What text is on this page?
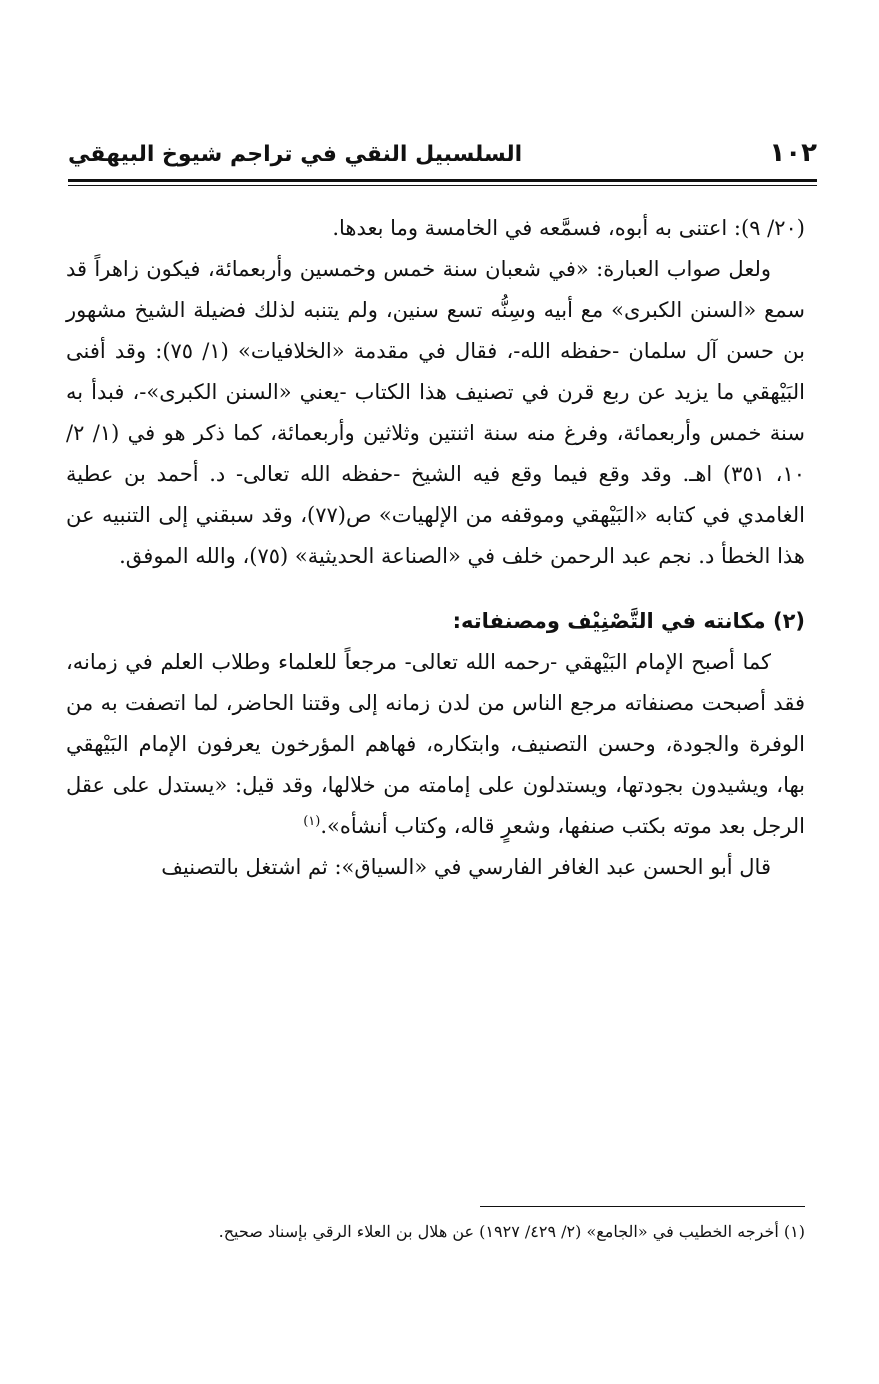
١٠٢
السلسبيل النقي في تراجم شيوخ البيهقي

(٢٠/ ٩): اعتنى به أبوه، فسمَّعه في الخامسة وما بعدها.

ولعل صواب العبارة: «في شعبان سنة خمس وخمسين وأربعمائة، فيكون زاهراً قد سمع «السنن الكبرى» مع أبيه وسِنُّه تسع سنين، ولم يتنبه لذلك فضيلة الشيخ مشهور بن حسن آل سلمان -حفظه الله-، فقال في مقدمة «الخلافيات» (١/ ٧٥): وقد أفنى البَيْهقي ما يزيد عن ربع قرن في تصنيف هذا الكتاب -يعني «السنن الكبرى»-، فبدأ به سنة خمس وأربعمائة، وفرغ منه سنة اثنتين وثلاثين وأربعمائة، كما ذكر هو في (١/ ٢/ ١٠، ٣٥١) اهـ. وقد وقع فيما وقع فيه الشيخ -حفظه الله تعالى- د. أحمد بن عطية الغامدي في كتابه «البَيْهقي وموقفه من الإلهيات» ص(٧٧)، وقد سبقني إلى التنبيه عن هذا الخطأ د. نجم عبد الرحمن خلف في «الصناعة الحديثية» (٧٥)، والله الموفق.

(٢) مكانته في التَّصْنِيْف ومصنفاته:

كما أصبح الإمام البَيْهقي -رحمه الله تعالى- مرجعاً للعلماء وطلاب العلم في زمانه، فقد أصبحت مصنفاته مرجع الناس من لدن زمانه إلى وقتنا الحاضر، لما اتصفت به من الوفرة والجودة، وحسن التصنيف، وابتكاره، فهاهم المؤرخون يعرفون الإمام البَيْهقي بها، ويشيدون بجودتها، ويستدلون على إمامته من خلالها، وقد قيل: «يستدل على عقل الرجل بعد موته بكتب صنفها، وشعرٍ قاله، وكتاب أنشأه».$^{(١)}$

قال أبو الحسن عبد الغافر الفارسي في «السياق»: ثم اشتغل بالتصنيف

(١) أخرجه الخطيب في «الجامع» (٢/ ٤٢٩/ ١٩٢٧) عن هلال بن العلاء الرقي بإسناد صحيح.
